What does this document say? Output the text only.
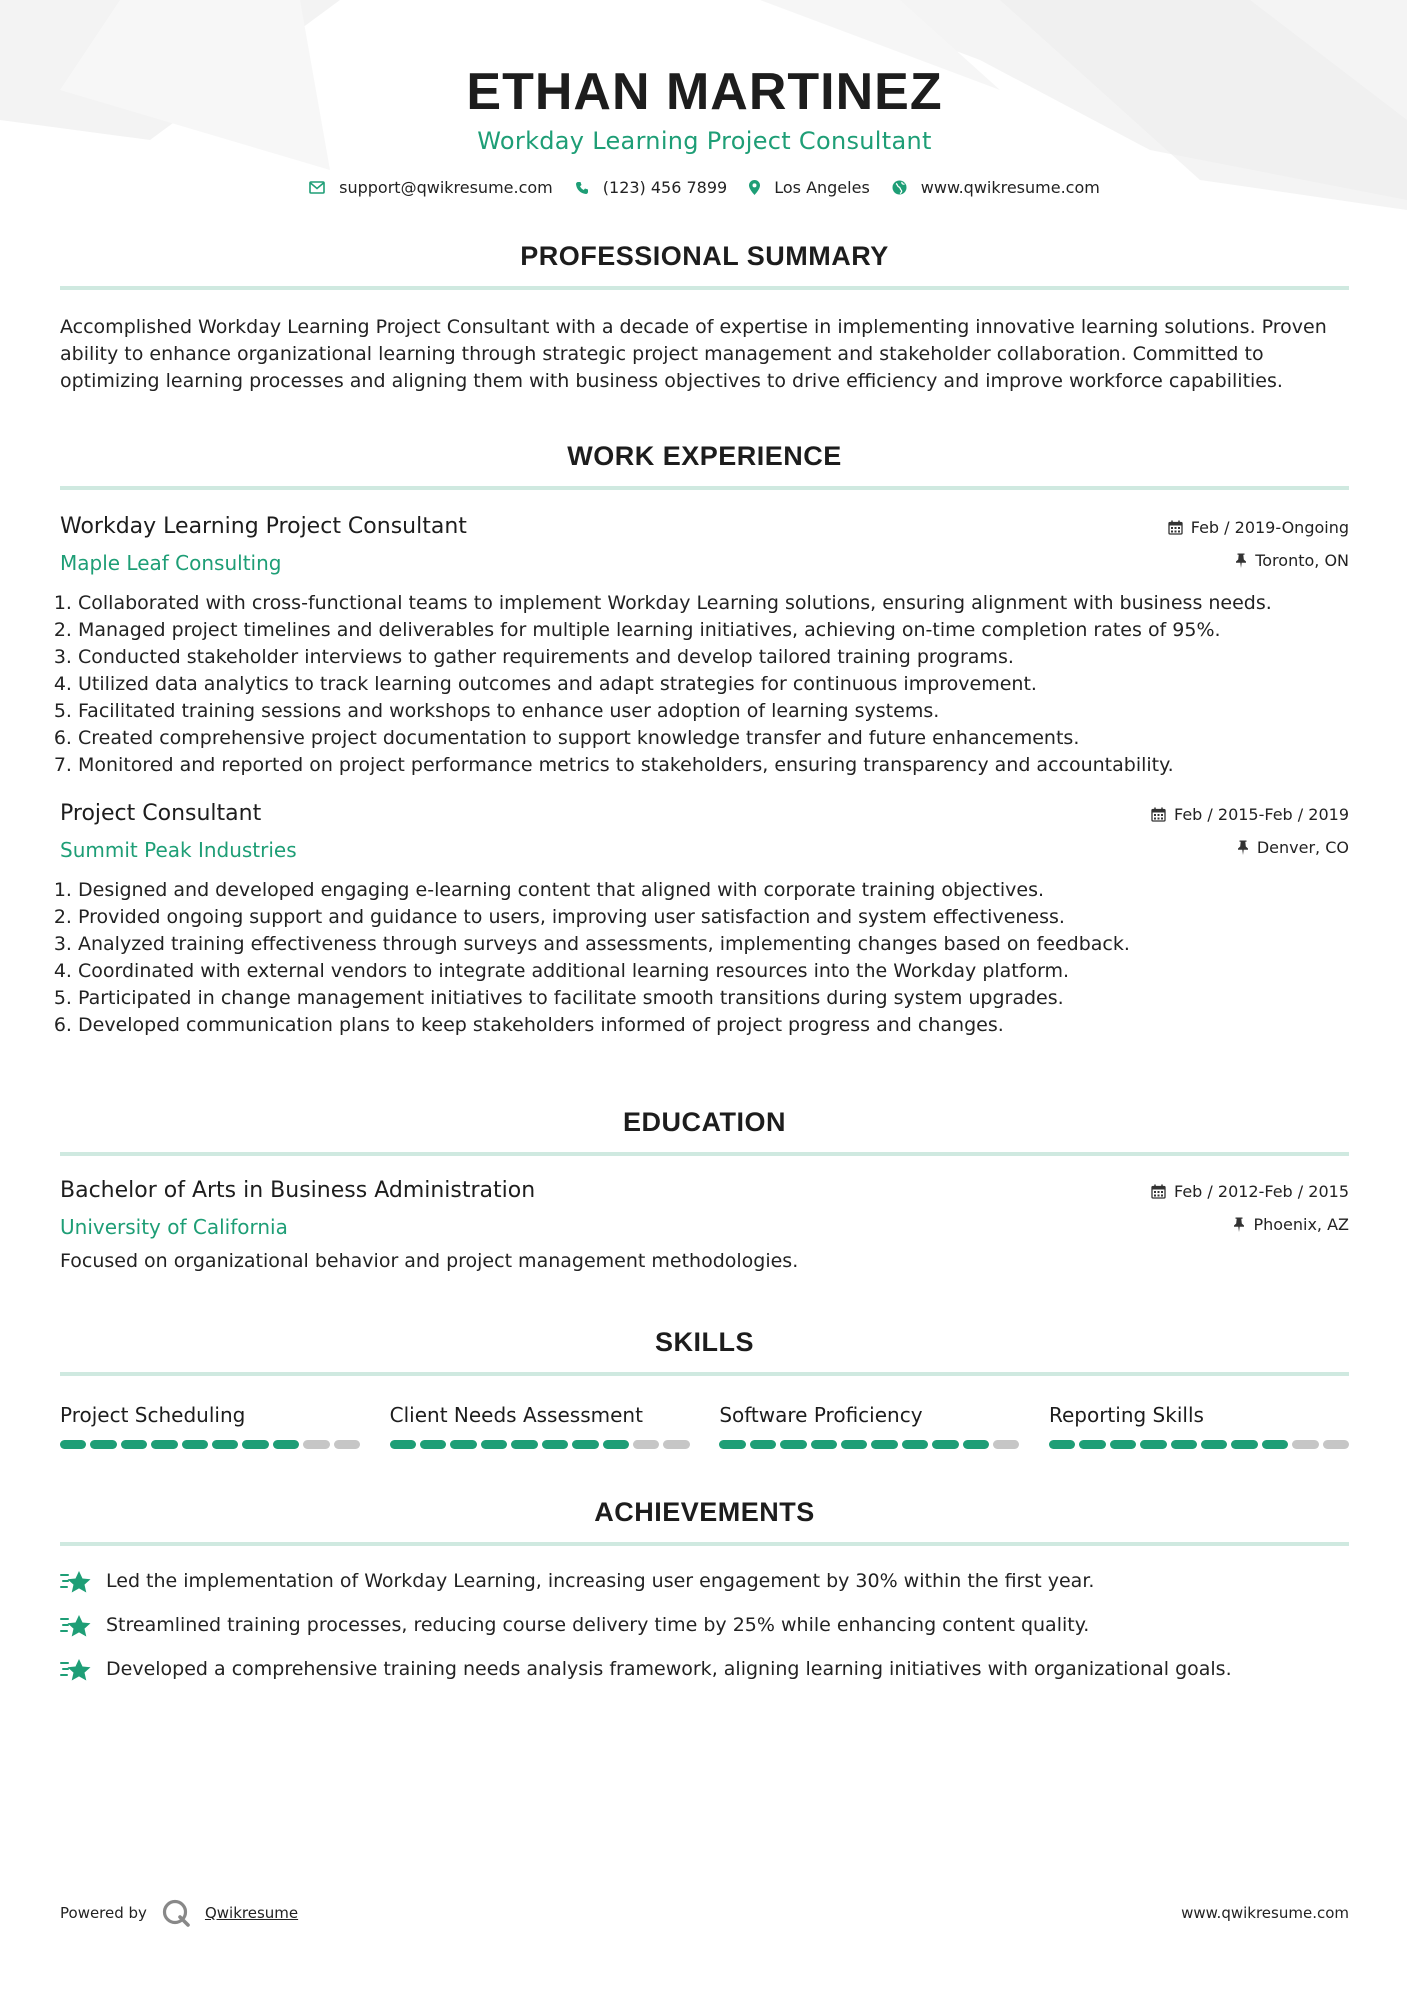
ETHAN MARTINEZ
Workday Learning Project Consultant
support@qwikresume.com	(123) 456 7899	Los Angeles	www.qwikresume.com
PROFESSIONAL SUMMARY

Accomplished Workday Learning Project Consultant with a decade of expertise in implementing innovative learning solutions. Proven ability to enhance organizational learning through strategic project management and stakeholder collaboration. Committed to optimizing learning processes and aligning them with business objectives to drive efficiency and improve workforce capabilities.

WORK EXPERIENCE
Workday Learning Project Consultant	Feb / 2019-Ongoing
Maple Leaf Consulting	Toronto, ON
1. Collaborated with cross-functional teams to implement Workday Learning solutions, ensuring alignment with business needs.
2. Managed project timelines and deliverables for multiple learning initiatives, achieving on-time completion rates of 95%.
3. Conducted stakeholder interviews to gather requirements and develop tailored training programs.
4. Utilized data analytics to track learning outcomes and adapt strategies for continuous improvement.
5. Facilitated training sessions and workshops to enhance user adoption of learning systems.
6. Created comprehensive project documentation to support knowledge transfer and future enhancements.
7. Monitored and reported on project performance metrics to stakeholders, ensuring transparency and accountability.
Project Consultant	Feb / 2015-Feb / 2019
Summit Peak Industries	Denver, CO
1. Designed and developed engaging e-learning content that aligned with corporate training objectives.
2. Provided ongoing support and guidance to users, improving user satisfaction and system effectiveness.
3. Analyzed training effectiveness through surveys and assessments, implementing changes based on feedback.
4. Coordinated with external vendors to integrate additional learning resources into the Workday platform.
5. Participated in change management initiatives to facilitate smooth transitions during system upgrades.
6. Developed communication plans to keep stakeholders informed of project progress and changes.
EDUCATION
Bachelor of Arts in Business Administration	Feb / 2012-Feb / 2015
University of California	Phoenix, AZ

Focused on organizational behavior and project management methodologies.

SKILLS
Project Scheduling	Client Needs Assessment	Software Proficiency	Reporting Skills
ACHIEVEMENTS
Led the implementation of Workday Learning, increasing user engagement by 30% within the first year.
Streamlined training processes, reducing course delivery time by 25% while enhancing content quality.
Developed a comprehensive training needs analysis framework, aligning learning initiatives with organizational goals.
Powered by	Qwikresume	www.qwikresume.com
